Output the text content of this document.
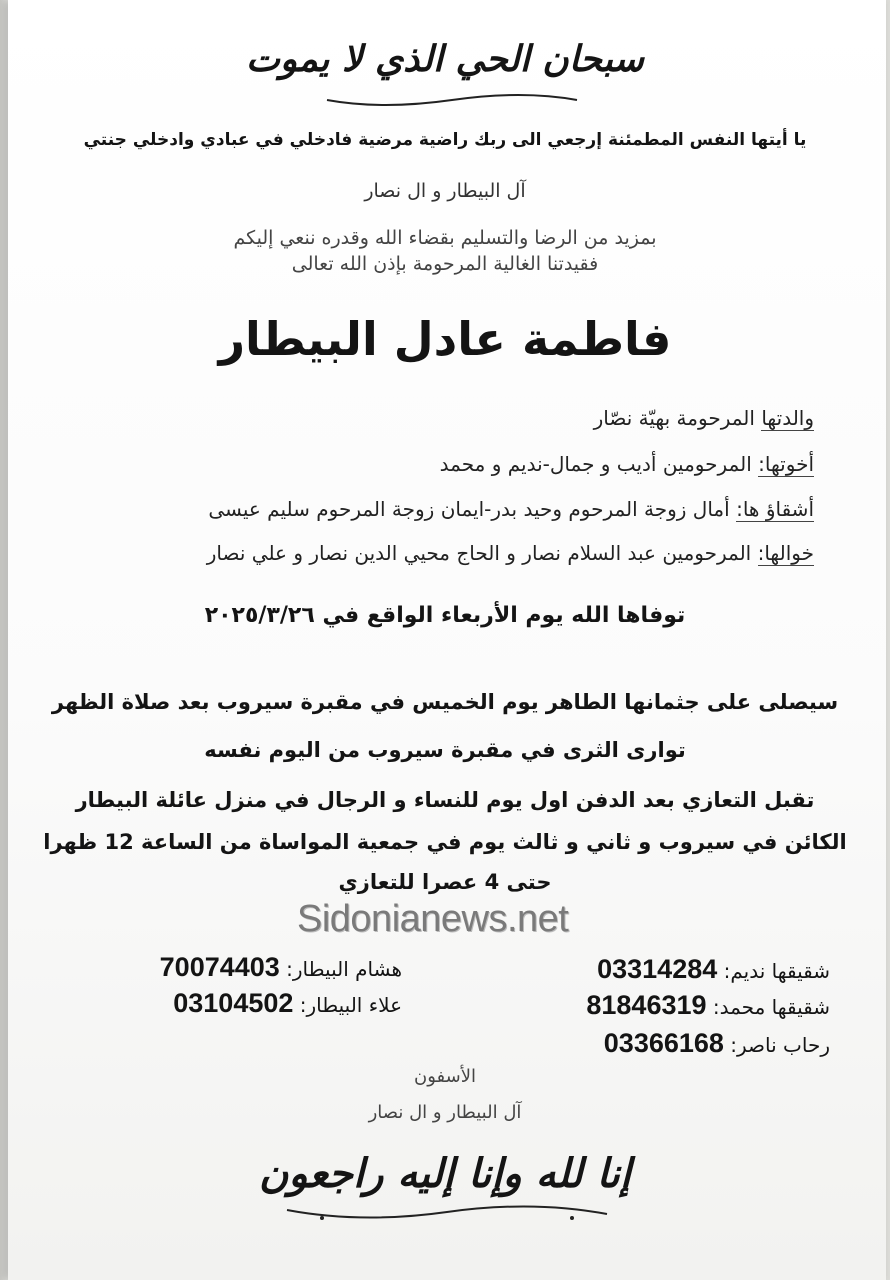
سبحان الحي الذي لا يموت
يا أيتها النفس المطمئنة إرجعي الى ربك راضية مرضية فادخلي في عبادي وادخلي جنتي
آل البيطار و ال نصار
بمزيد من الرضا والتسليم بقضاء الله وقدره ننعي إليكم
فقيدتنا الغالية المرحومة بإذن الله تعالى
فاطمة عادل البيطار
والدتها المرحومة بهيّة نصّار
أخوتها: المرحومين أديب و جمال-نديم و محمد
أشقاؤ ها: أمال زوجة المرحوم وحيد بدر-ايمان زوجة المرحوم سليم عيسى
خوالها: المرحومين عبد السلام نصار و الحاج محيي الدين نصار و علي نصار
توفاها الله يوم الأربعاء الواقع في ٢٠٢٥/٣/٢٦
سيصلى على جثمانها الطاهر يوم الخميس في مقبرة سيروب بعد صلاة الظهر
توارى الثرى في مقبرة سيروب من اليوم نفسه
تقبل التعازي بعد الدفن اول يوم للنساء و الرجال في منزل عائلة البيطار
الكائن في سيروب و ثاني و ثالث يوم في جمعية المواساة من الساعة 12 ظهرا
حتى 4 عصرا للتعازي
Sidonianews.net
شقيقها نديم: 03314284
شقيقها محمد: 81846319
رحاب ناصر: 03366168
هشام البيطار: 70074403
علاء البيطار: 03104502
الأسفون
آل البيطار و ال نصار
إنا لله وإنا إليه راجعون
